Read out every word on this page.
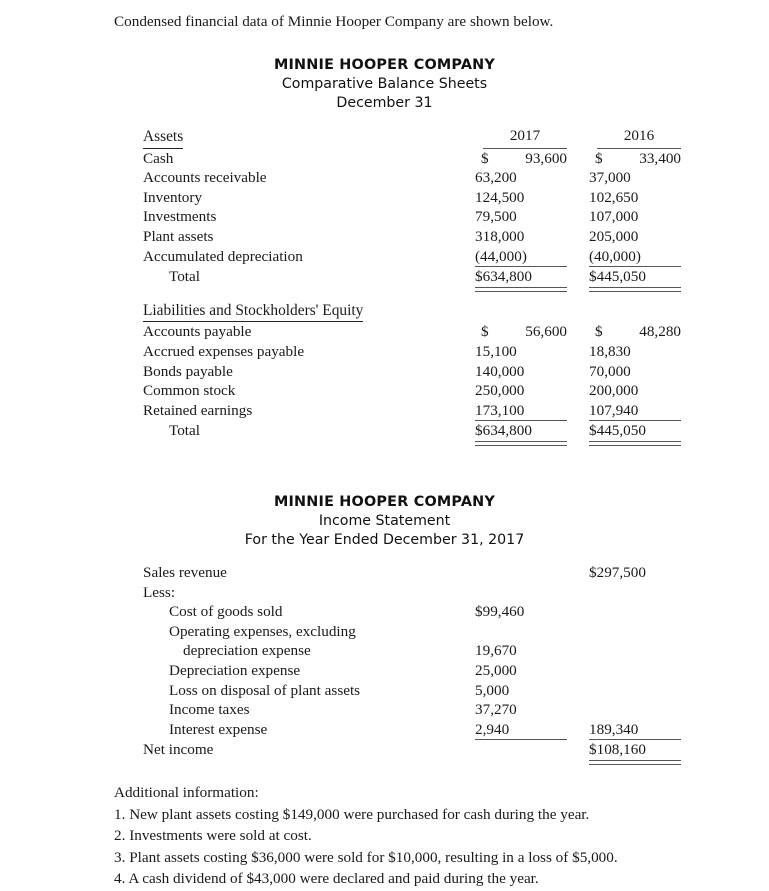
Condensed financial data of Minnie Hooper Company are shown below.
MINNIE HOOPER COMPANY
Comparative Balance Sheets
December 31
Assets	2017		2016

Cash	$ 93,600		$ 33,400

Accounts receivable	63,200		37,000
Inventory	124,500		102,650
Investments	79,500		107,000
Plant assets	318,000		205,000
Accumulated depreciation	(44,000)		(40,000)
Total	$634,800		$445,050

Liabilities and Stockholders' Equity			
Accounts payable	$ 56,600		$ 48,280

Accrued expenses payable	15,100		18,830
Bonds payable	140,000		70,000
Common stock	250,000		200,000
Retained earnings	173,100		107,940
Total	$634,800		$445,050
MINNIE HOOPER COMPANY
Income Statement
For the Year Ended December 31, 2017
Sales revenue			$297,500
Less:			
Cost of goods sold	$99,460		
Operating expenses, excluding			
depreciation expense	19,670		
Depreciation expense	25,000		
Loss on disposal of plant assets	5,000		
Income taxes	37,270		
Interest expense	2,940		189,340
Net income			$108,160
Additional information:
1. New plant assets costing $149,000 were purchased for cash during the year.
2. Investments were sold at cost.
3. Plant assets costing $36,000 were sold for $10,000, resulting in a loss of $5,000.
4. A cash dividend of $43,000 were declared and paid during the year.
